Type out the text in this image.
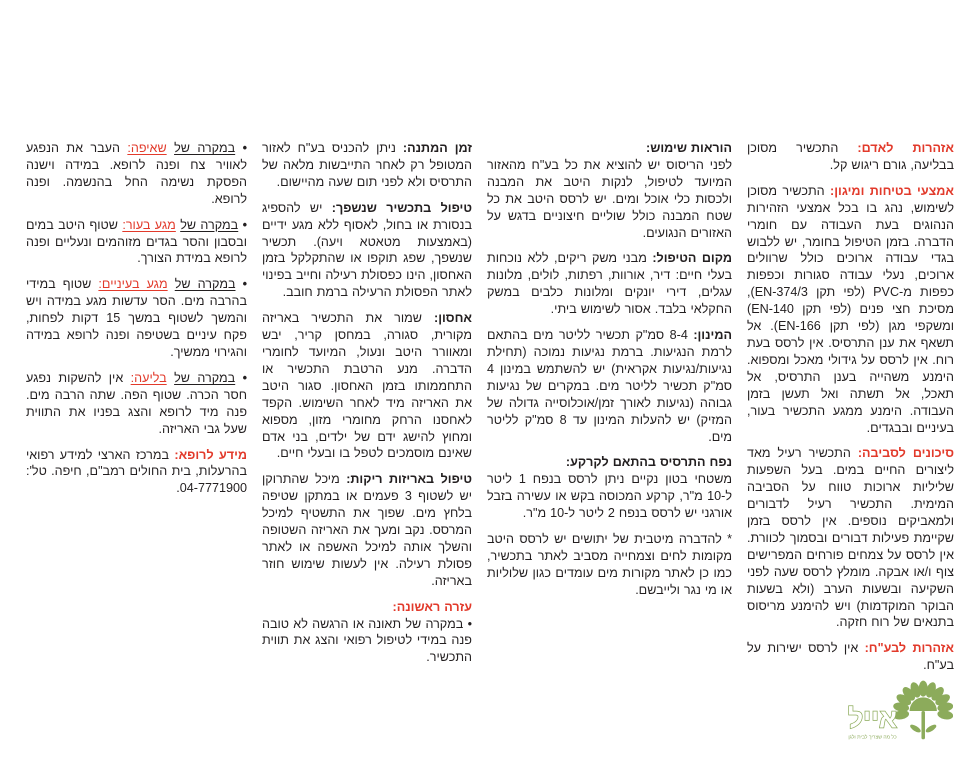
אזהרות לאדם: התכשיר מסוכן בבליעה, גורם ריגוש קל.

אמצעי בטיחות ומיגון: התכשיר מסוכן לשימוש, נהג בו בכל אמצעי הזהירות הנהוגים בעת העבודה עם חומרי הדברה. בזמן הטיפול בחומר, יש ללבוש בגדי עבודה ארוכים כולל שרוולים ארוכים, נעלי עבודה סגורות וכפפות כפפות מ-PVC (לפי תקן EN-374/3), מסיכת חצי פנים (לפי תקן EN-140) ומשקפי מגן (לפי תקן EN-166). אל תשאף את ענן התרסיס. אין לרסס בעת רוח. אין לרסס על גידולי מאכל ומספוא. הימנע משהייה בענן התרסיס, אל תאכל, אל תשתה ואל תעשן בזמן העבודה. הימנע ממגע התכשיר בעור, בעיניים ובבגדים.

סיכונים לסביבה: התכשיר רעיל מאד ליצורים החיים במים. בעל השפעות שליליות ארוכות טווח על הסביבה המימית. התכשיר רעיל לדבורים ולמאביקים נוספים. אין לרסס בזמן שקיימת פעילות דבורים ובסמוך לכוורת. אין לרסס על צמחים פורחים המפרישים צוף ו/או אבקה. מומלץ לרסס שעה לפני השקיעה ובשעות הערב (ולא בשעות הבוקר המוקדמות) ויש להימנע מריסוס בתנאים של רוח חזקה.

אזהרות לבע"ח: אין לרסס ישירות על בע"ח.

הוראות שימוש:
לפני הריסוס יש להוציא את כל בע"ח מהאזור המיועד לטיפול, לנקות היטב את המבנה ולכסות כלי אוכל ומים. יש לרסס היטב את כל שטח המבנה כולל שוליים חיצוניים בדגש על האזורים הנגועים.

מקום הטיפול: מבני משק ריקים, ללא נוכחות בעלי חיים: דיר, אורוות, רפתות, לולים, מלונות עגלים, דירי יונקים ומלונות כלבים במשק החקלאי בלבד. אסור לשימוש ביתי.

המינון: 8-4 סמ"ק תכשיר לליטר מים בהתאם לרמת הנגיעות. ברמת נגיעות נמוכה (תחילת נגיעות/נגיעות אקראית) יש להשתמש במינון 4 סמ"ק תכשיר לליטר מים. במקרים של נגיעות גבוהה (נגיעות לאורך זמן/אוכלוסייה גדולה של המזיק) יש להעלות המינון עד 8 סמ"ק לליטר מים.

נפח התרסיס בהתאם לקרקע:
משטחי בטון נקיים ניתן לרסס בנפח 1 ליטר ל-10 מ"ר, קרקע המכוסה בקש או עשירה בזבל אורגני יש לרסס בנפח 2 ליטר ל-10 מ"ר.

* להדברה מיטבית של יתושים יש לרסס היטב מקומות לחים וצמחייה מסביב לאתר בתכשיר, כמו כן לאתר מקורות מים עומדים כגון שלוליות או מי נגר ולייבשם.

זמן המתנה: ניתן להכניס בע"ח לאזור המטופל רק לאחר התייבשות מלאה של התרסיס ולא לפני תום שעה מהיישום.

טיפול בתכשיר שנשפך: יש להספיג בנסורת או בחול, לאסוף ללא מגע ידיים (באמצעות מטאטא ויעה). תכשיר שנשפך, שפג תוקפו או שהתקלקל בזמן האחסון, הינו כפסולת רעילה וחייב בפינוי לאתר הפסולת הרעילה ברמת חובב.

אחסון: שמור את התכשיר באריזה מקורית, סגורה, במחסן קריר, יבש ומאוורר היטב ונעול, המיועד לחומרי הדברה. מנע הרטבת התכשיר או התחממותו בזמן האחסון. סגור היטב את האריזה מיד לאחר השימוש. הקפד לאחסנו הרחק מחומרי מזון, מספוא ומחוץ להישג ידם של ילדים, בני אדם שאינם מוסמכים לטפל בו ובעלי חיים.

טיפול באריזות ריקות: מיכל שהתרוקן יש לשטוף 3 פעמים או במתקן שטיפה בלחץ מים. שפוך את התשטיף למיכל המרסס. נקב ומעך את האריזה השטופה והשלך אותה למיכל האשפה או לאתר פסולת רעילה. אין לעשות שימוש חוזר באריזה.

עזרה ראשונה:
• במקרה של תאונה או הרגשה לא טובה פנה במידי לטיפול רפואי והצג את תווית התכשיר.

• במקרה של שאיפה: העבר את הנפגע לאוויר צח ופנה לרופא. במידה וישנה הפסקת נשימה החל בהנשמה. ופנה לרופא.

• במקרה של מגע בעור: שטוף היטב במים ובסבון והסר בגדים מזוהמים ונעליים ופנה לרופא במידת הצורך.

• במקרה של מגע בעיניים: שטוף במידי בהרבה מים. הסר עדשות מגע במידה ויש והמשך לשטוף במשך 15 דקות לפחות, פקח עיניים בשטיפה ופנה לרופא במידה והגירוי ממשיך.

• במקרה של בליעה: אין להשקות נפגע חסר הכרה. שטוף הפה. שתה הרבה מים. פנה מיד לרופא והצג בפניו את התווית שעל גבי האריזה.

מידע לרופא: במרכז הארצי למידע רפואי בהרעלות, בית החולים רמב"ם, חיפה. טל': 04-7771900.

אייל
כל מה שצריך לבית ולגן
